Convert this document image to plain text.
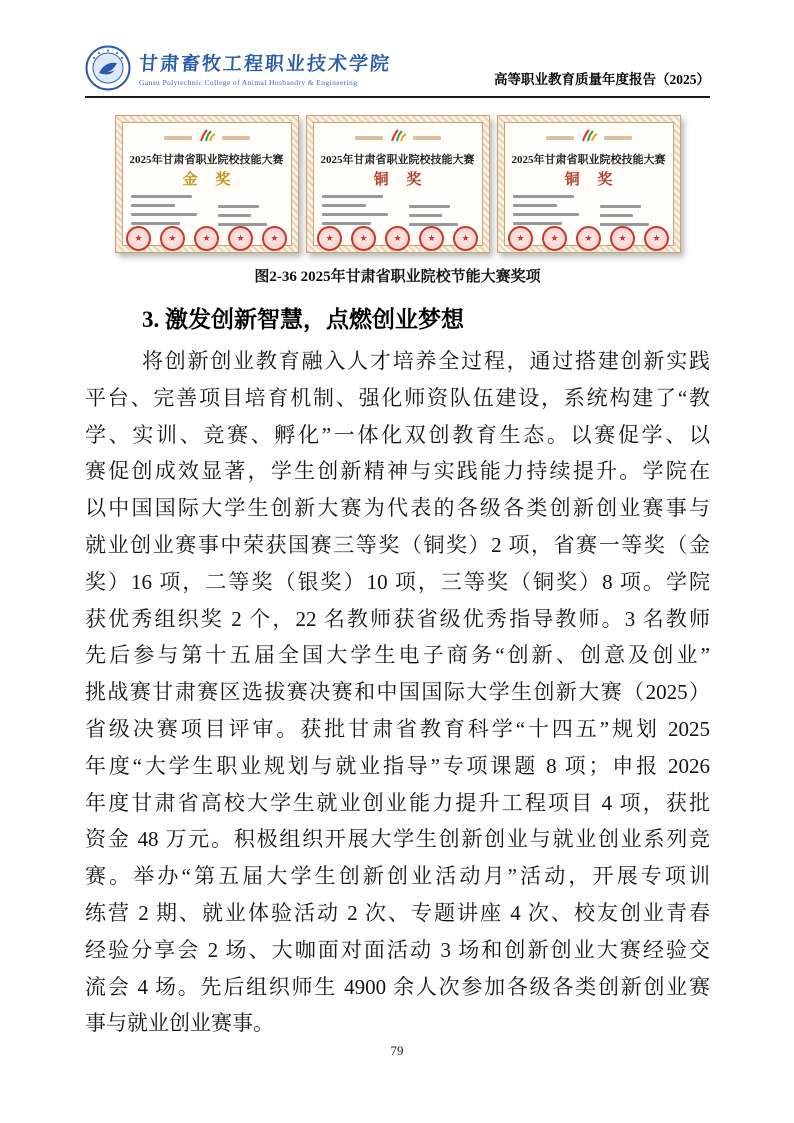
甘肃畜牧工程职业技术学院
Gansu Polytechnic College of Animal Husbandry & Engineering	高等职业教育质量年度报告（2025）
2025年甘肃省职业院校技能大赛
金 奖
★	★	★	★	★
2025年甘肃省职业院校技能大赛
铜 奖
★	★	★	★	★
2025年甘肃省职业院校技能大赛
铜 奖
★	★	★	★	★
图2-36 2025年甘肃省职业院校节能大赛奖项
3. 激发创新智慧，点燃创业梦想
将创新创业教育融入人才培养全过程，通过搭建创新实践
平台、完善项目培育机制、强化师资队伍建设，系统构建了“教
学、实训、竞赛、孵化”一体化双创教育生态。以赛促学、以
赛促创成效显著，学生创新精神与实践能力持续提升。学院在
以中国国际大学生创新大赛为代表的各级各类创新创业赛事与
就业创业赛事中荣获国赛三等奖（铜奖）2 项，省赛一等奖（金
奖）16 项，二等奖（银奖）10 项，三等奖（铜奖）8 项。学院
获优秀组织奖 2 个，22 名教师获省级优秀指导教师。3 名教师
先后参与第十五届全国大学生电子商务“创新、创意及创业”
挑战赛甘肃赛区选拔赛决赛和中国国际大学生创新大赛（2025）
省级决赛项目评审。获批甘肃省教育科学“十四五”规划 2025
年度“大学生职业规划与就业指导”专项课题 8 项；申报 2026
年度甘肃省高校大学生就业创业能力提升工程项目 4 项，获批
资金 48 万元。积极组织开展大学生创新创业与就业创业系列竞
赛。举办“第五届大学生创新创业活动月”活动，开展专项训
练营 2 期、就业体验活动 2 次、专题讲座 4 次、校友创业青春
经验分享会 2 场、大咖面对面活动 3 场和创新创业大赛经验交
流会 4 场。先后组织师生 4900 余人次参加各级各类创新创业赛
事与就业创业赛事。
79
